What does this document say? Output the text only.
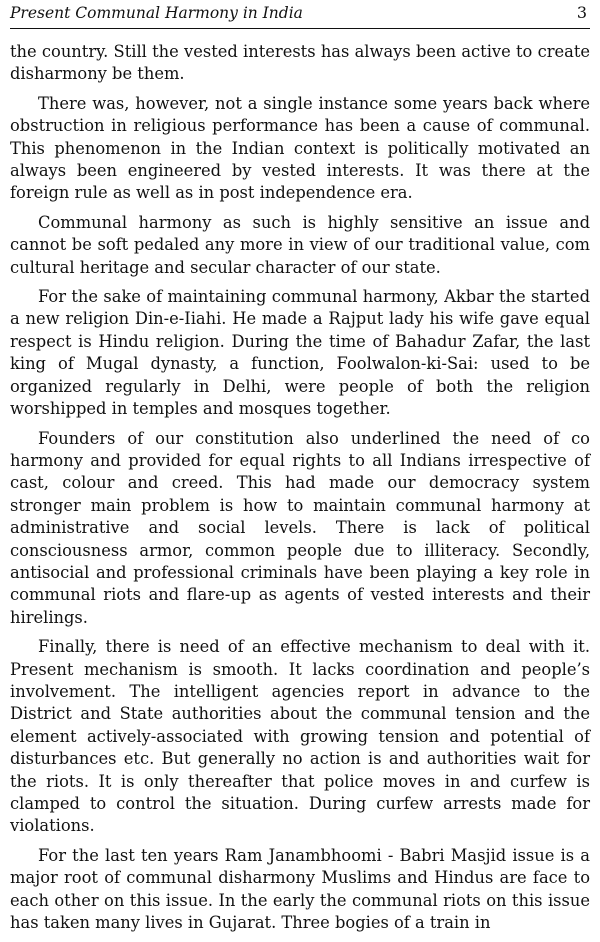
Present Communal Harmony in India	3

the country. Still the vested interests has always been active to create disharmony be them.

There was, however, not a single instance some years back where obstruction in religious performance has been a cause of communal. This phenomenon in the Indian context is politically motivated an always been engineered by vested interests. It was there at the foreign rule as well as in post independence era.

Communal harmony as such is highly sensitive an issue and cannot be soft pedaled any more in view of our traditional value, com cultural heritage and secular character of our state.

For the sake of maintaining communal harmony, Akbar the started a new religion Din-e-Iiahi. He made a Rajput lady his wife gave equal respect is Hindu religion. During the time of Bahadur Zafar, the last king of Mugal dynasty, a function, Foolwalon-ki-Sai: used to be organized regularly in Delhi, were people of both the religion worshipped in temples and mosques together.

Founders of our constitution also underlined the need of co harmony and provided for equal rights to all Indians irrespective of cast, colour and creed. This had made our democracy system stronger main problem is how to maintain communal harmony at administrative and social levels. There is lack of political consciousness armor, common people due to illiteracy. Secondly, antisocial and professional criminals have been playing a key role in communal riots and flare-up as agents of vested interests and their hirelings.

Finally, there is need of an effective mechanism to deal with it. Present mechanism is smooth. It lacks coordination and people’s involvement. The intelligent agencies report in advance to the District and State authorities about the communal tension and the element actively-associated with growing tension and potential of disturbances etc. But generally no action is and authorities wait for the riots. It is only thereafter that police moves in and curfew is clamped to control the situation. During curfew arrests made for violations.

For the last ten years Ram Janambhoomi - Babri Masjid issue is a major root of communal disharmony Muslims and Hindus are face to each other on this issue. In the early the communal riots on this issue has taken many lives in Gujarat. Three bogies of a train in
